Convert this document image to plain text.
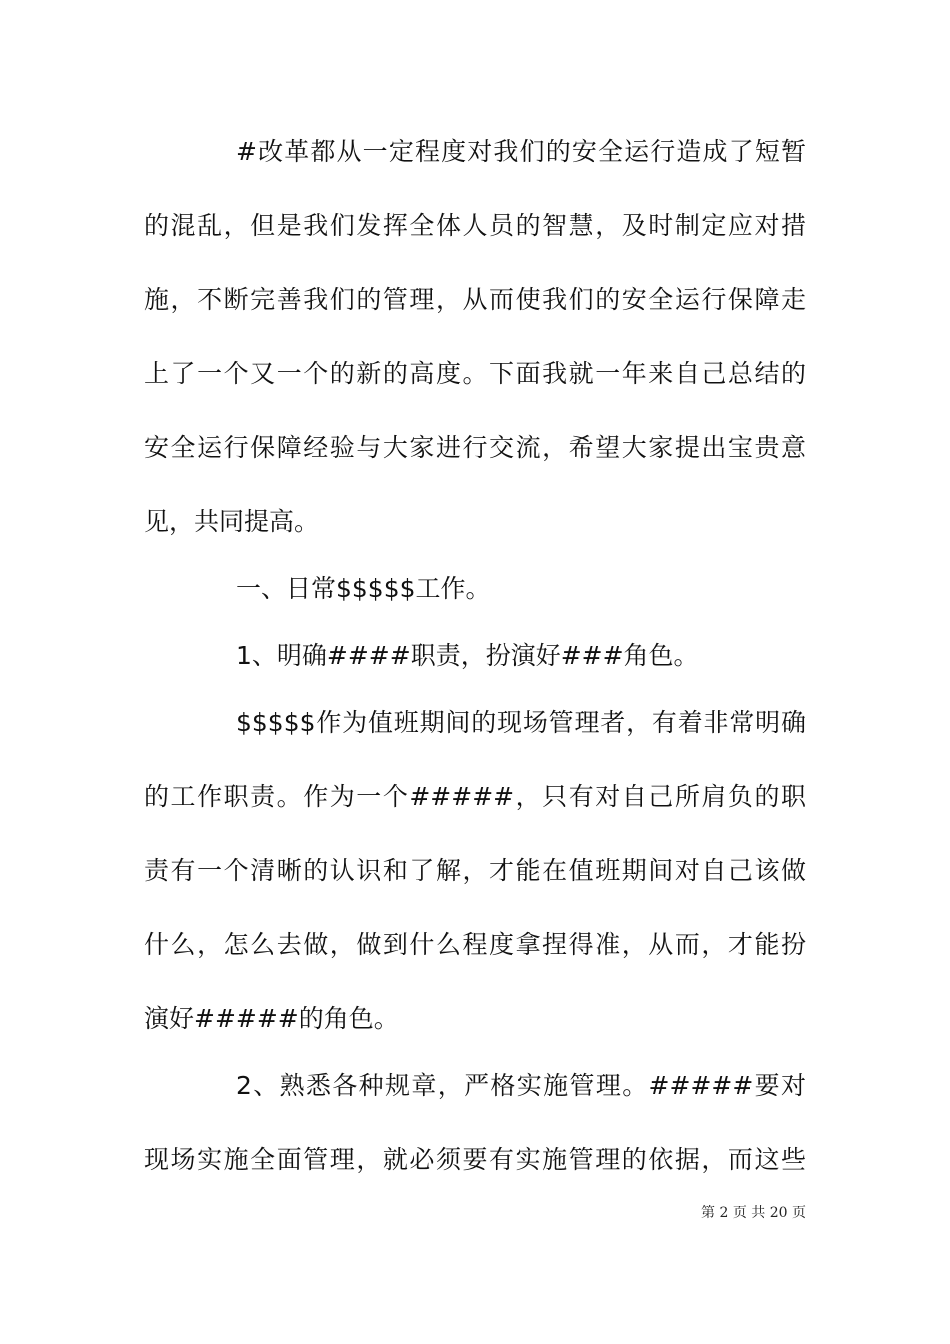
#改革都从一定程度对我们的安全运行造成了短暂
的混乱，但是我们发挥全体人员的智慧，及时制定应对措
施，不断完善我们的管理，从而使我们的安全运行保障走
上了一个又一个的新的高度。下面我就一年来自己总结的
安全运行保障经验与大家进行交流，希望大家提出宝贵意
见，共同提高。
一、日常$$$$$工作。
1、明确####职责，扮演好###角色。
$$$$$作为值班期间的现场管理者，有着非常明确
的工作职责。作为一个#####，只有对自己所肩负的职
责有一个清晰的认识和了解，才能在值班期间对自己该做
什么，怎么去做，做到什么程度拿捏得准，从而，才能扮
演好#####的角色。
2、熟悉各种规章，严格实施管理。#####要对
现场实施全面管理，就必须要有实施管理的依据，而这些
第 2 页 共 20 页
